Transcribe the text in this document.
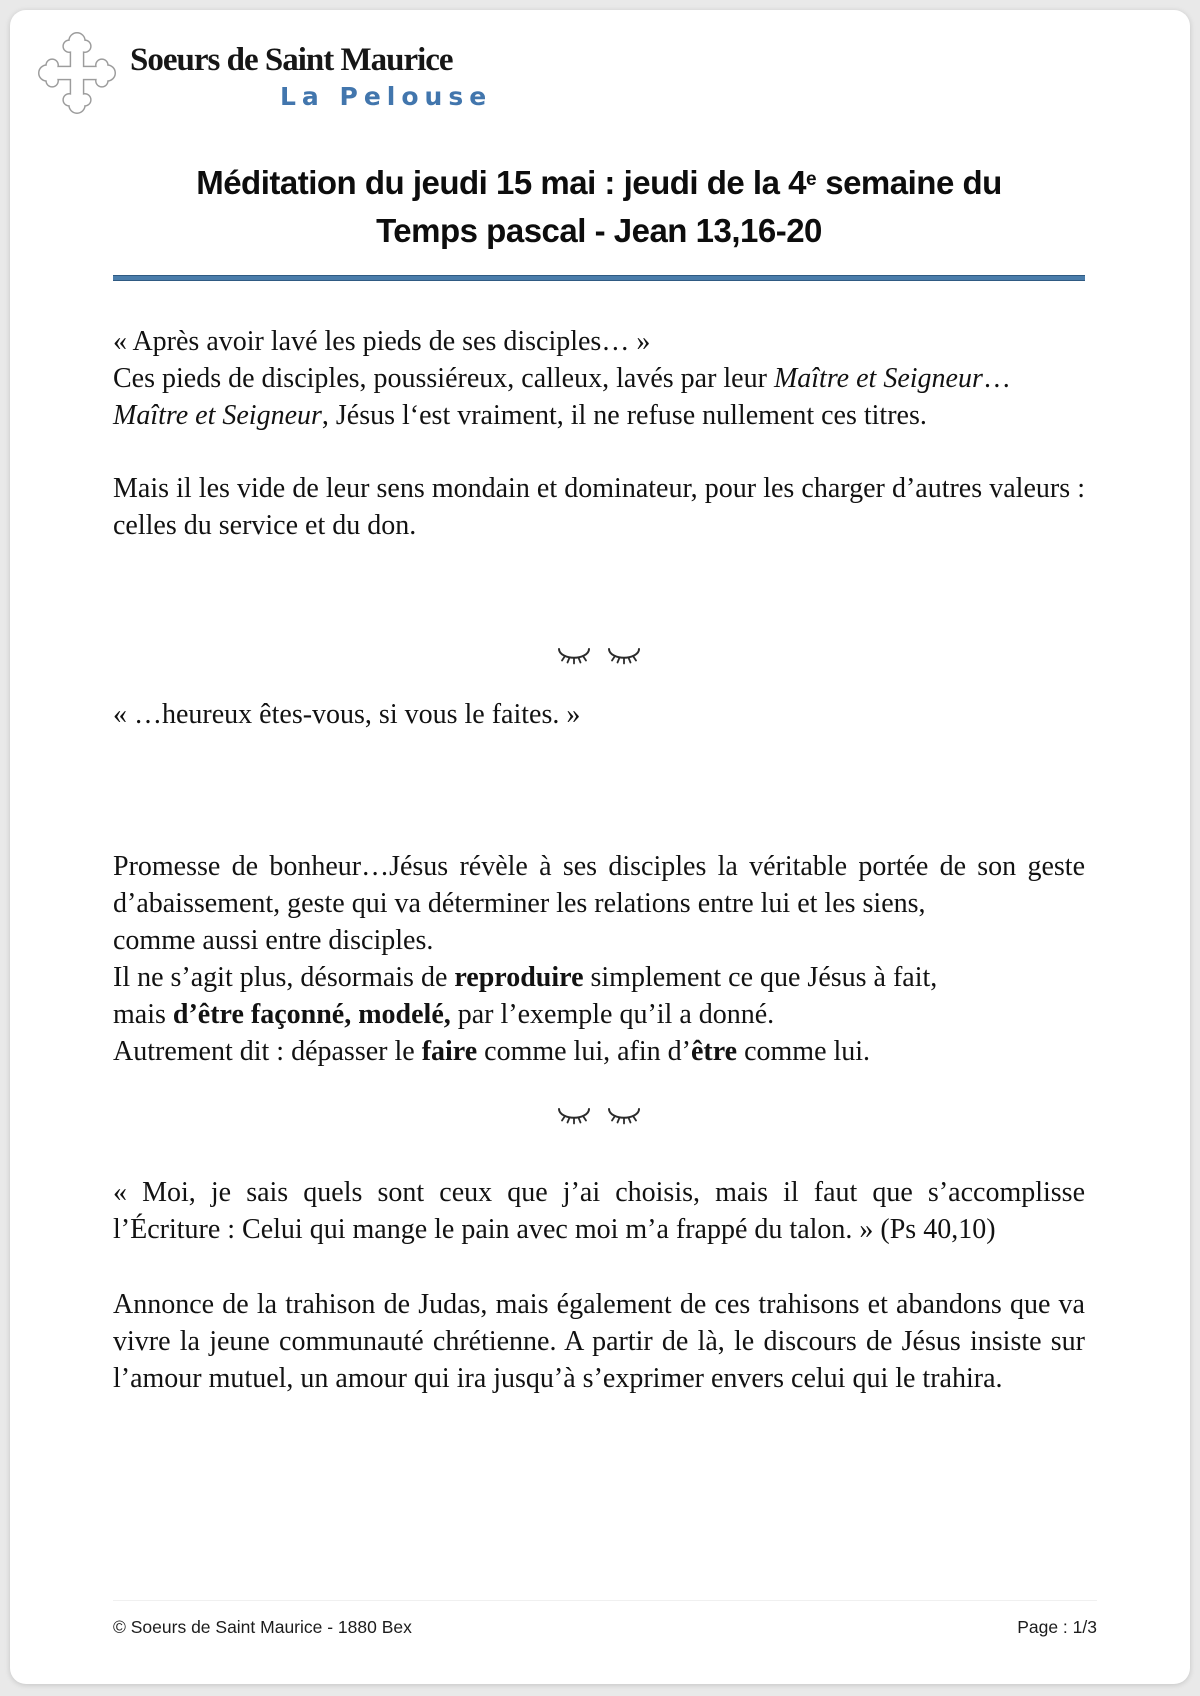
Soeurs de Saint Maurice
La Pelouse
Méditation du jeudi 15 mai : jeudi de la 4e semaine du
Temps pascal - Jean 13,16-20

« Après avoir lavé les pieds de ses disciples… »

Ces pieds de disciples, poussiéreux, calleux, lavés par leur Maître et Seigneur…

Maître et Seigneur, Jésus l‘est vraiment, il ne refuse nullement ces titres.

Mais il les vide de leur sens mondain et dominateur, pour les charger d’autres valeurs : celles du service et du don.

« …heureux êtes-vous, si vous le faites. »

Promesse de bonheur…Jésus révèle à ses disciples la véritable portée de son geste d’abaissement, geste qui va déterminer les relations entre lui et les siens,

comme aussi entre disciples.

Il ne s’agit plus, désormais de reproduire simplement ce que Jésus à fait,

mais d’être façonné, modelé, par l’exemple qu’il a donné.

Autrement dit : dépasser le faire comme lui, afin d’être comme lui.

« Moi, je sais quels sont ceux que j’ai choisis, mais il faut que s’accomplisse l’Écriture : Celui qui mange le pain avec moi m’a frappé du talon. » (Ps 40,10)

Annonce de la trahison de Judas, mais également de ces trahisons et abandons que va vivre la jeune communauté chrétienne. A partir de là, le discours de Jésus insiste sur l’amour mutuel, un amour qui ira jusqu’à s’exprimer envers celui qui le trahira.

© Soeurs de Saint Maurice - 1880 Bex	Page : 1/3
